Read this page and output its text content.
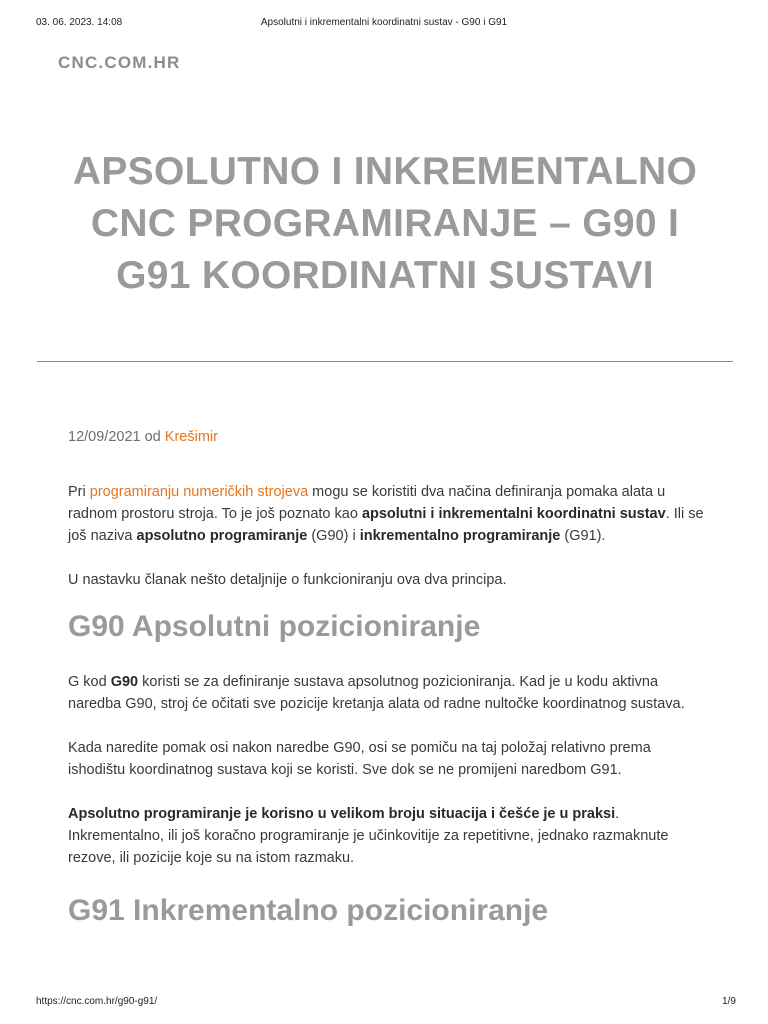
03. 06. 2023. 14:08	Apsolutni i inkrementalni koordinatni sustav - G90 i G91
CNC.COM.HR
APSOLUTNO I INKREMENTALNO CNC PROGRAMIRANJE – G90 I G91 KOORDINATNI SUSTAVI
12/09/2021 od Krešimir

Pri programiranju numeričkih strojeva mogu se koristiti dva načina definiranja pomaka alata u radnom prostoru stroja. To je još poznato kao apsolutni i inkrementalni koordinatni sustav. Ili se još naziva apsolutno programiranje (G90) i inkrementalno programiranje (G91).

U nastavku članak nešto detaljnije o funkcioniranju ova dva principa.

G90 Apsolutni pozicioniranje

G kod G90 koristi se za definiranje sustava apsolutnog pozicioniranja. Kad je u kodu aktivna naredba G90, stroj će očitati sve pozicije kretanja alata od radne nultočke koordinatnog sustava.

Kada naredite pomak osi nakon naredbe G90, osi se pomiču na taj položaj relativno prema ishodištu koordinatnog sustava koji se koristi. Sve dok se ne promijeni naredbom G91.

Apsolutno programiranje je korisno u velikom broju situacija i češće je u praksi. Inkrementalno, ili još koračno programiranje je učinkovitije za repetitivne, jednako razmaknute rezove, ili pozicije koje su na istom razmaku.

G91 Inkrementalno pozicioniranje
https://cnc.com.hr/g90-g91/	1/9
